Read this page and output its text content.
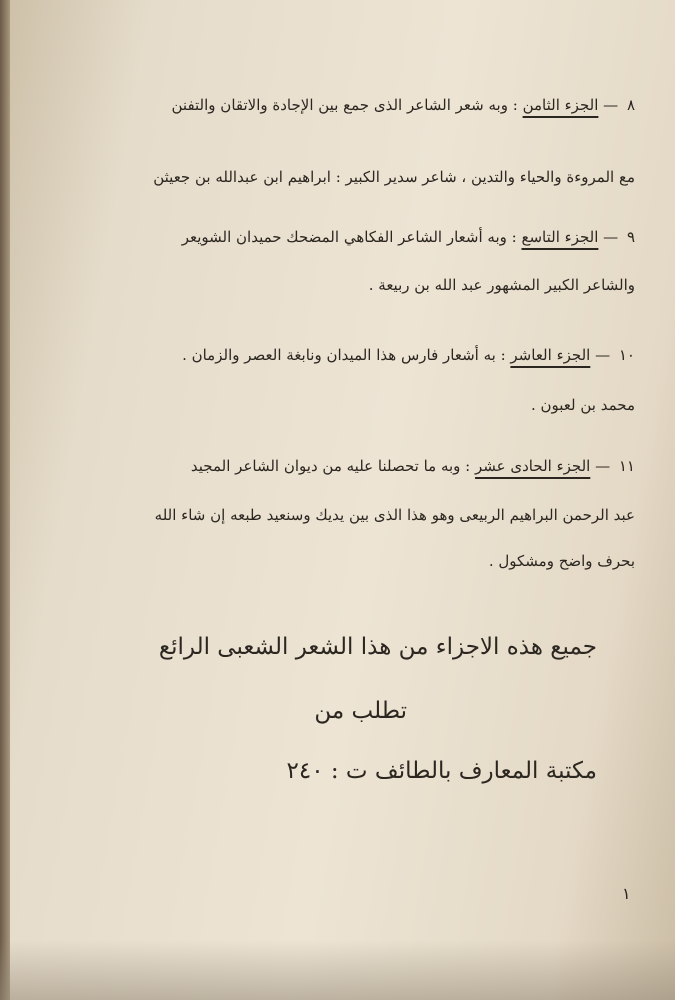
٨ — الجزء الثامن : وبه شعر الشاعر الذى جمع بين الإجادة والاتقان والتفنن
مع المروءة والحياء والتدين ، شاعر سدير الكبير : ابراهيم ابن عبدالله بن جعيثن
٩ — الجزء التاسع : وبه أشعار الشاعر الفكاهي المضحك حميدان الشويعر
والشاعر الكبير المشهور عبد الله بن ربيعة .
١٠ — الجزء العاشر : به أشعار فارس هذا الميدان ونابغة العصر والزمان .
محمد بن لعبون .
١١ — الجزء الحادى عشر : وبه ما تحصلنا عليه من ديوان الشاعر المجيد
عبد الرحمن البراهيم الربيعى وهو هذا الذى بين يديك وسنعيد طبعه إن شاء الله
بحرف واضح ومشكول .
جميع هذه الاجزاء من هذا الشعر الشعبى الرائع
تطلب من
مكتبة المعارف بالطائف ت : ٢٤٠
١
